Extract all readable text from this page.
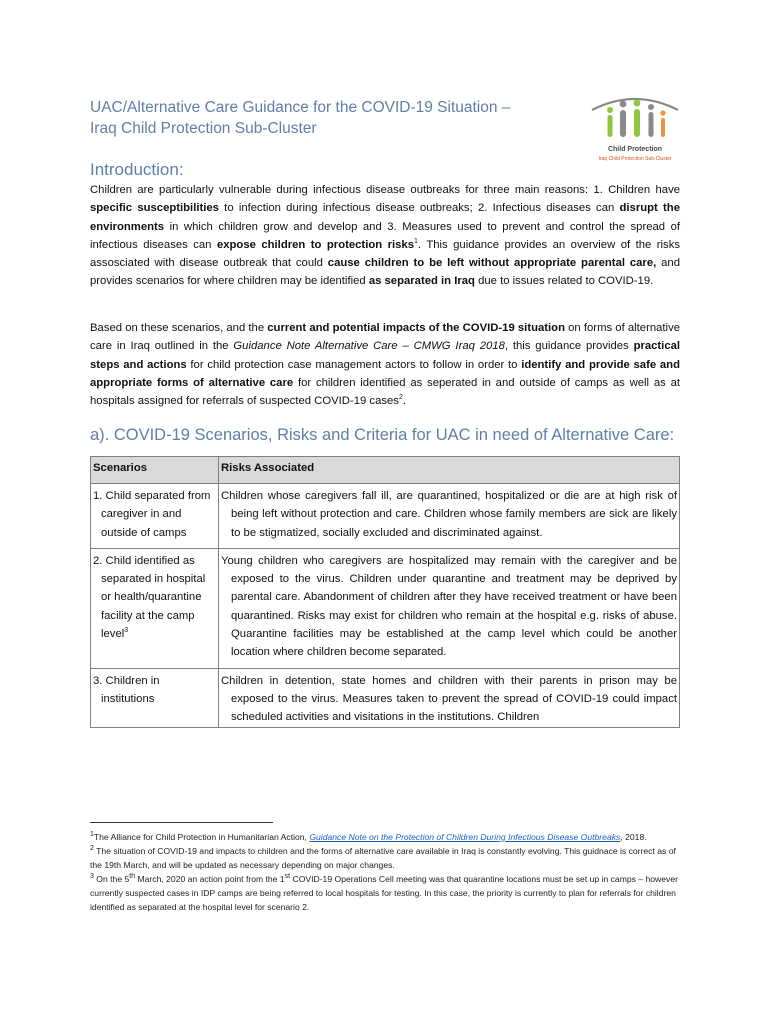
UAC/Alternative Care Guidance for the COVID-19 Situation –
Iraq Child Protection Sub-Cluster
Child Protection
Iraq Child Protection Sub-Cluster
Introduction:

Children are particularly vulnerable during infectious disease outbreaks for three main reasons: 1. Children have specific susceptibilities to infection during infectious disease outbreaks; 2. Infectious diseases can disrupt the environments in which children grow and develop and 3. Measures used to prevent and control the spread of infectious diseases can expose children to protection risks$^1$. This guidance provides an overview of the risks assosciated with disease outbreak that could cause children to be left without appropriate parental care, and provides scenarios for where children may be identified as separated in Iraq due to issues related to COVID-19.

Based on these scenarios, and the current and potential impacts of the COVID-19 situation on forms of alternative care in Iraq outlined in the Guidance Note Alternative Care – CMWG Iraq 2018, this guidance provides practical steps and actions for child protection case management actors to follow in order to identify and provide safe and appropriate forms of alternative care for children identified as seperated in and outside of camps as well as at hospitals assigned for referrals of suspected COVID-19 cases$^2$.

a). COVID-19 Scenarios, Risks and Criteria for UAC in need of Alternative Care:
Scenarios	Risks Associated

1. Child separated from caregiver in and outside of camps	Children whose caregivers fall ill, are quarantined, hospitalized or die are at high risk of being left without protection and care. Children whose family members are sick are likely to be stigmatized, socially excluded and discriminated against.

2. Child identified as separated in hospital or health/quarantine facility at the camp level$^3$	Young children who caregivers are hospitalized may remain with the caregiver and be exposed to the virus. Children under quarantine and treatment may be deprived by parental care. Abandonment of children after they have received treatment or have been quarantined. Risks may exist for children who remain at the hospital e.g. risks of abuse. Quarantine facilities may be established at the camp level which could be another location where children become separated.

3. Children in institutions	Children in detention, state homes and children with their parents in prison may be exposed to the virus. Measures taken to prevent the spread of COVID-19 could impact scheduled activities and visitations in the institutions. Children

$^1$The Alliance for Child Protection in Humanitarian Action, Guidance Note on the Protection of Children During Infectious Disease Outbreaks, 2018.

$^2$ The situation of COVID-19 and impacts to children and the forms of alternative care available in Iraq is constantly evolving. This guidnace is correct as of the 19th March, and will be updated as necessary depending on major changes.

$^3$ On the 5th March, 2020 an action point from the 1st COVID-19 Operations Cell meeting was that quarantine locations must be set up in camps – however currently suspected cases in IDP camps are being referred to local hospitals for testing. In this case, the priority is currently to plan for referrals for children identified as separated at the hospital level for scenario 2.
